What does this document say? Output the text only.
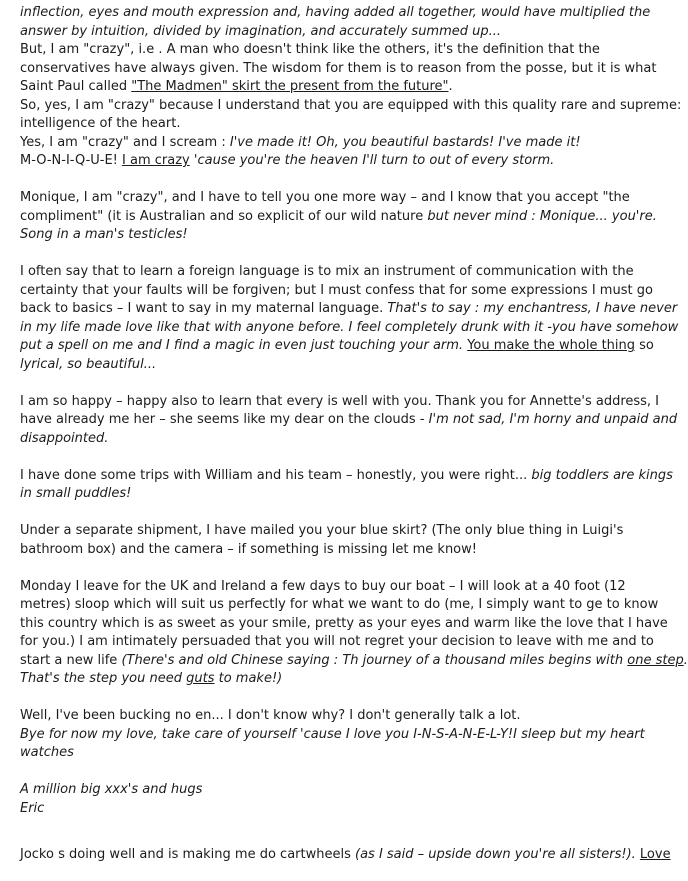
inflection, eyes and mouth expression and, having added all together, would have multiplied the
answer by intuition, divided by imagination, and accurately summed up...
But, I am "crazy", i.e . A man who doesn't think like the others, it's the definition that the
conservatives have always given. The wisdom for them is to reason from the posse, but it is what
Saint Paul called "The Madmen" skirt the present from the future".
So, yes, I am "crazy" because I understand that you are equipped with this quality rare and supreme:
intelligence of the heart.
Yes, I am "crazy" and I scream : I've made it! Oh, you beautiful bastards! I've made it!
M-O-N-I-Q-U-E! I am crazy 'cause you're the heaven I'll turn to out of every storm.
Monique, I am "crazy", and I have to tell you one more way – and I know that you accept "the
compliment" (it is Australian and so explicit of our wild nature but never mind : Monique... you're.
Song in a man's testicles!
I often say that to learn a foreign language is to mix an instrument of communication with the
certainty that your faults will be forgiven; but I must confess that for some expressions I must go
back to basics – I want to say in my maternal language. That's to say : my enchantress, I have never
in my life made love like that with anyone before. I feel completely drunk with it -you have somehow
put a spell on me and I find a magic in even just touching your arm. You make the whole thing so
lyrical, so beautiful...
I am so happy – happy also to learn that every is well with you. Thank you for Annette's address, I
have already me her – she seems like my dear on the clouds - I'm not sad, I'm horny and unpaid and
disappointed.
I have done some trips with William and his team – honestly, you were right... big toddlers are kings
in small puddles!
Under a separate shipment, I have mailed you your blue skirt? (The only blue thing in Luigi's
bathroom box) and the camera – if something is missing let me know!
Monday I leave for the UK and Ireland a few days to buy our boat – I will look at a 40 foot (12
metres) sloop which will suit us perfectly for what we want to do (me, I simply want to ge to know
this country which is as sweet as your smile, pretty as your eyes and warm like the love that I have
for you.) I am intimately persuaded that you will not regret your decision to leave with me and to
start a new life (There's and old Chinese saying : Th journey of a thousand miles begins with one step.
That's the step you need guts to make!)
Well, I've been bucking no en... I don't know why? I don't generally talk a lot.
Bye for now my love, take care of yourself 'cause I love you I-N-S-A-N-E-L-Y!I sleep but my heart
watches
A million big xxx's and hugs
Eric
Jocko s doing well and is making me do cartwheels (as I said – upside down you're all sisters!). Love
